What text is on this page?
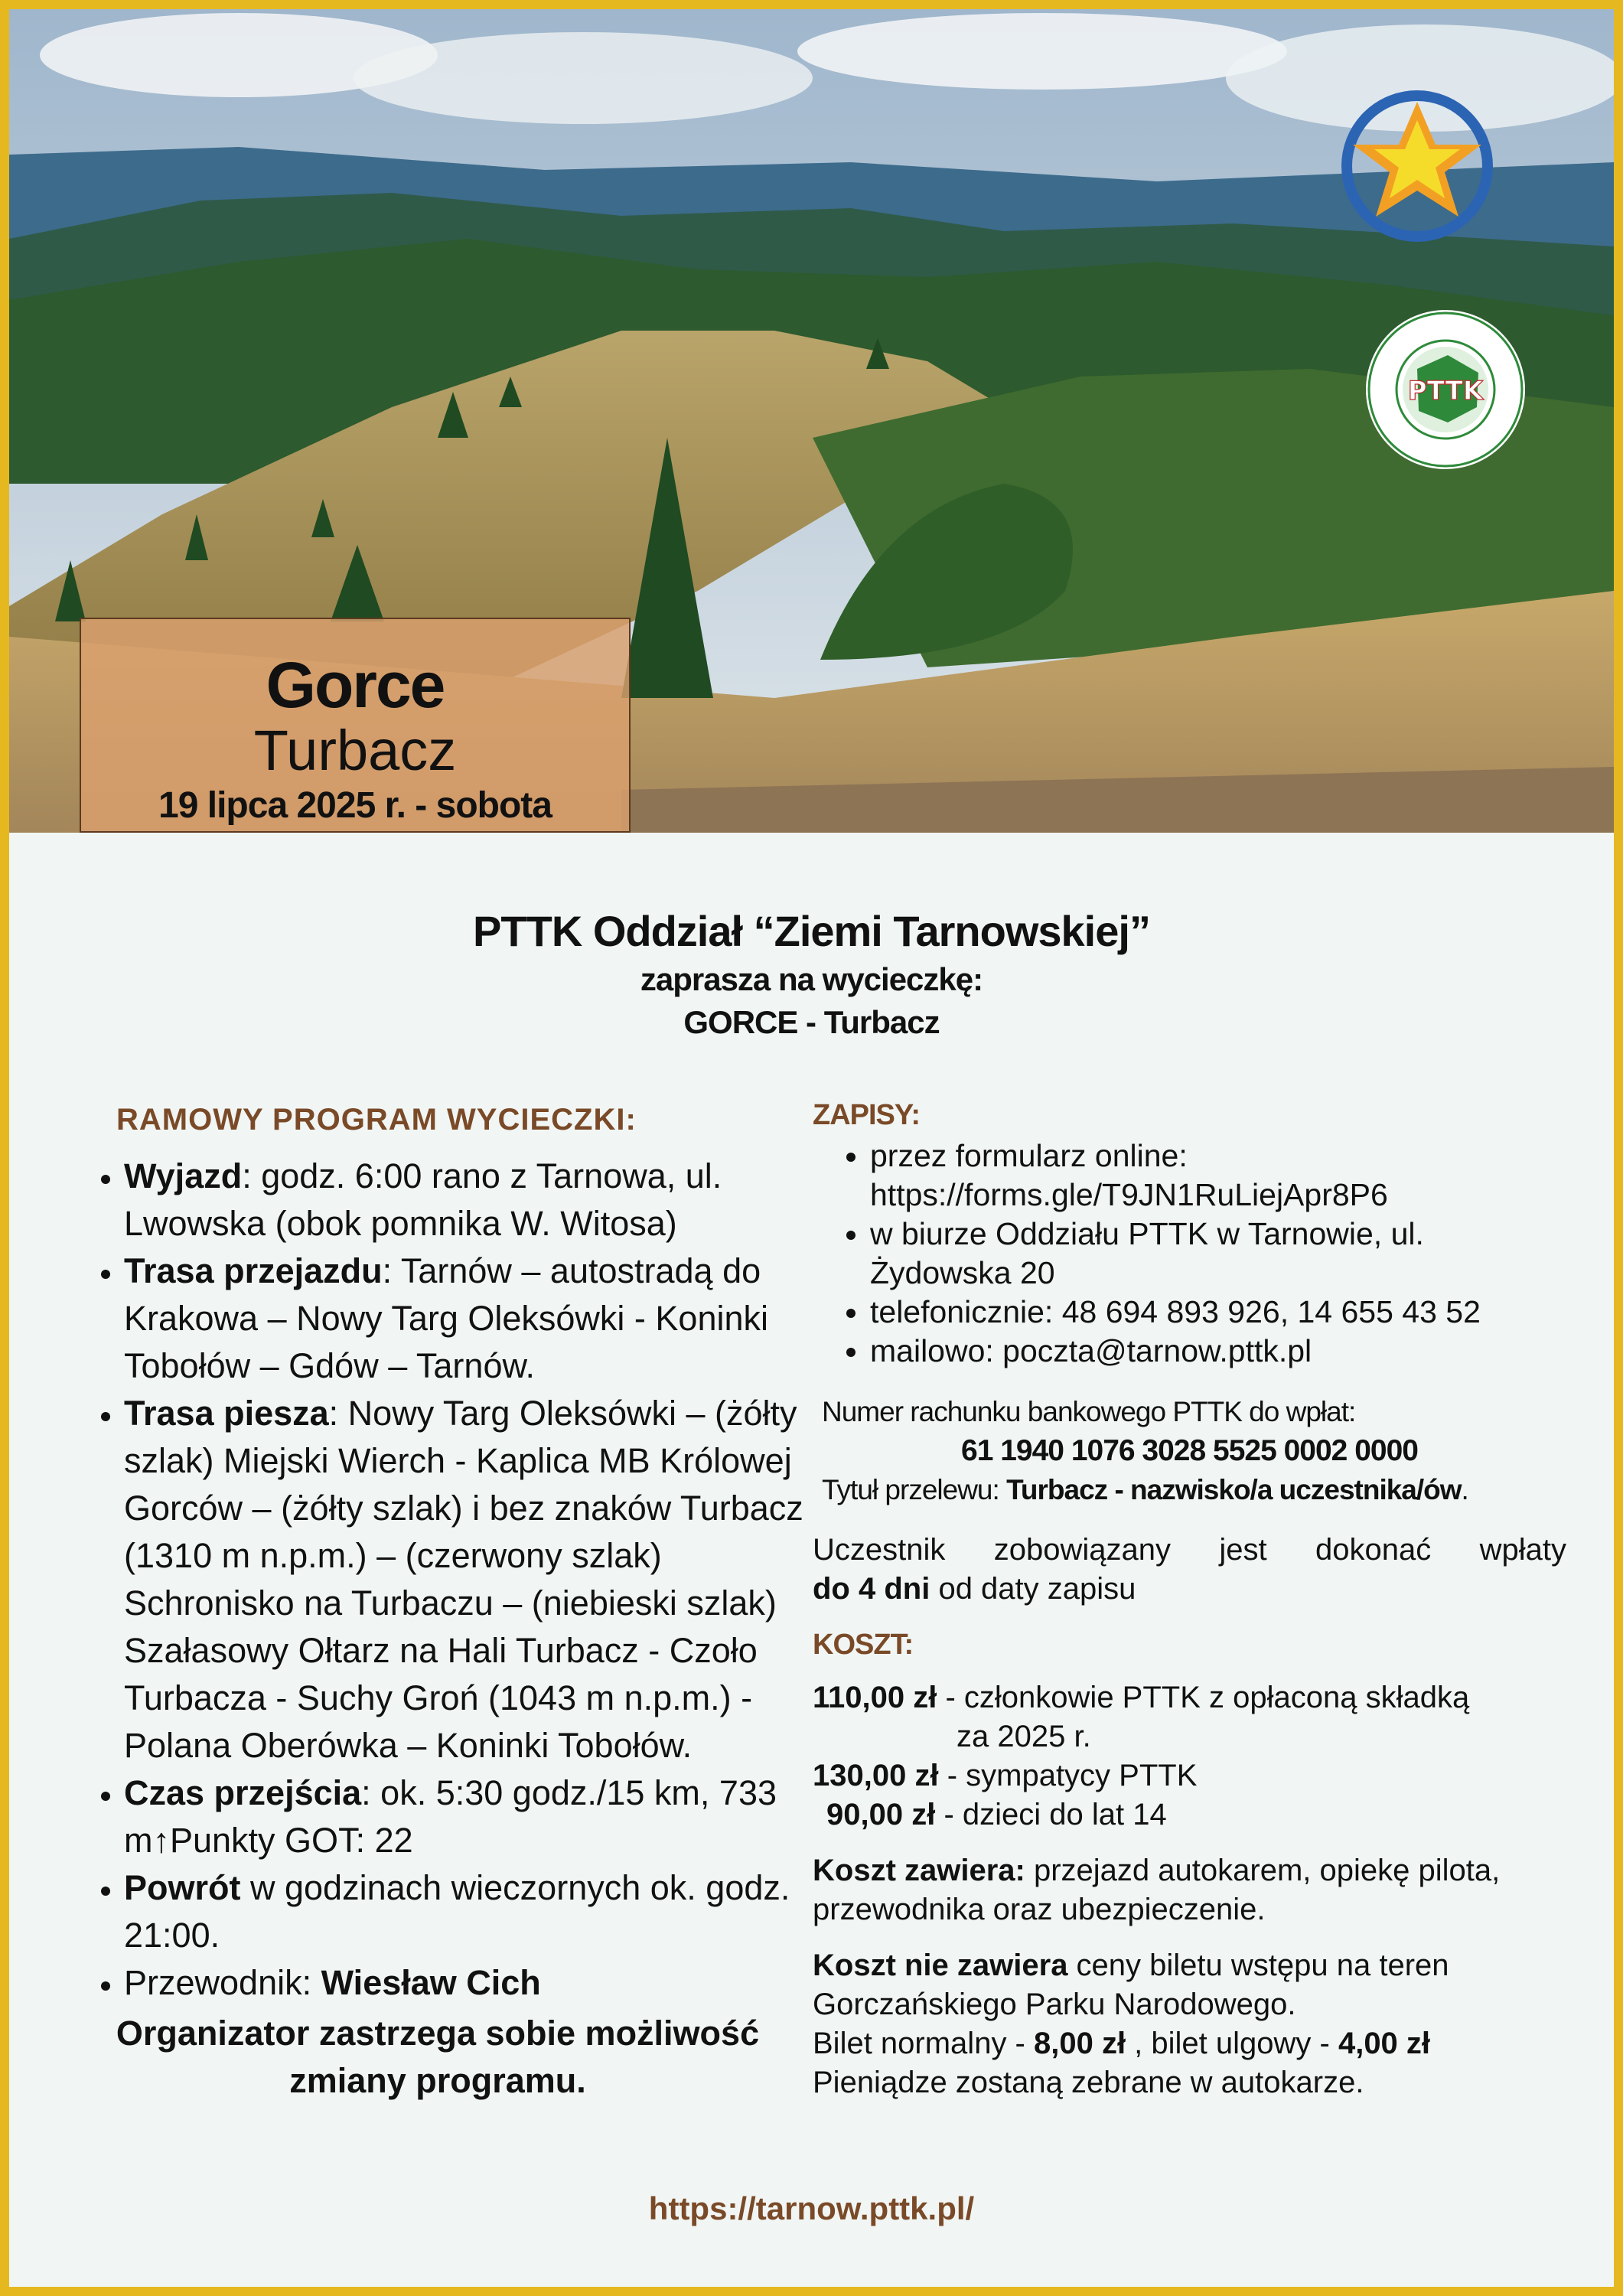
PTTK
Gorce
Turbacz
19 lipca 2025 r. - sobota
PTTK Oddział “Ziemi Tarnowskiej”
zaprasza na wycieczkę:
GORCE - Turbacz
RAMOWY PROGRAM WYCIECZKI:
• Wyjazd: godz. 6:00 rano z Tarnowa, ul. Lwowska (obok pomnika W. Witosa)
• Trasa przejazdu: Tarnów – autostradą do Krakowa – Nowy Targ Oleksówki - Koninki Tobołów – Gdów – Tarnów.
• Trasa piesza: Nowy Targ Oleksówki – (żółty szlak) Miejski Wierch - Kaplica MB Królowej Gorców – (żółty szlak) i bez znaków Turbacz (1310 m n.p.m.) – (czerwony szlak) Schronisko na Turbaczu – (niebieski szlak) Szałasowy Ołtarz na Hali Turbacz - Czoło Turbacza - Suchy Groń (1043 m n.p.m.) - Polana Oberówka – Koninki Tobołów.
• Czas przejścia: ok. 5:30 godz./15 km, 733 m↑Punkty GOT: 22
• Powrót w godzinach wieczornych ok. godz. 21:00.
• Przewodnik: Wiesław Cich
Organizator zastrzega sobie możliwość zmiany programu.
ZAPISY:
• przez formularz online: https://forms.gle/T9JN1RuLiejApr8P6
• w biurze Oddziału PTTK w Tarnowie, ul. Żydowska 20
• telefonicznie: 48 694 893 926, 14 655 43 52
• mailowo: poczta@tarnow.pttk.pl
Numer rachunku bankowego PTTK do wpłat:
61 1940 1076 3028 5525 0002 0000
Tytuł przelewu: Turbacz - nazwisko/a uczestnika/ów.
Uczestnik zobowiązany jest dokonać wpłaty
do 4 dni od daty zapisu
KOSZT:
110,00 zł - członkowie PTTK z opłaconą składką
za 2025 r.
130,00 zł - sympatycy PTTK
90,00 zł - dzieci do lat 14
Koszt zawiera: przejazd autokarem, opiekę pilota, przewodnika oraz ubezpieczenie.
Koszt nie zawiera ceny biletu wstępu na teren Gorczańskiego Parku Narodowego.
Bilet normalny - 8,00 zł , bilet ulgowy - 4,00 zł
Pieniądze zostaną zebrane w autokarze.
https://tarnow.pttk.pl/
